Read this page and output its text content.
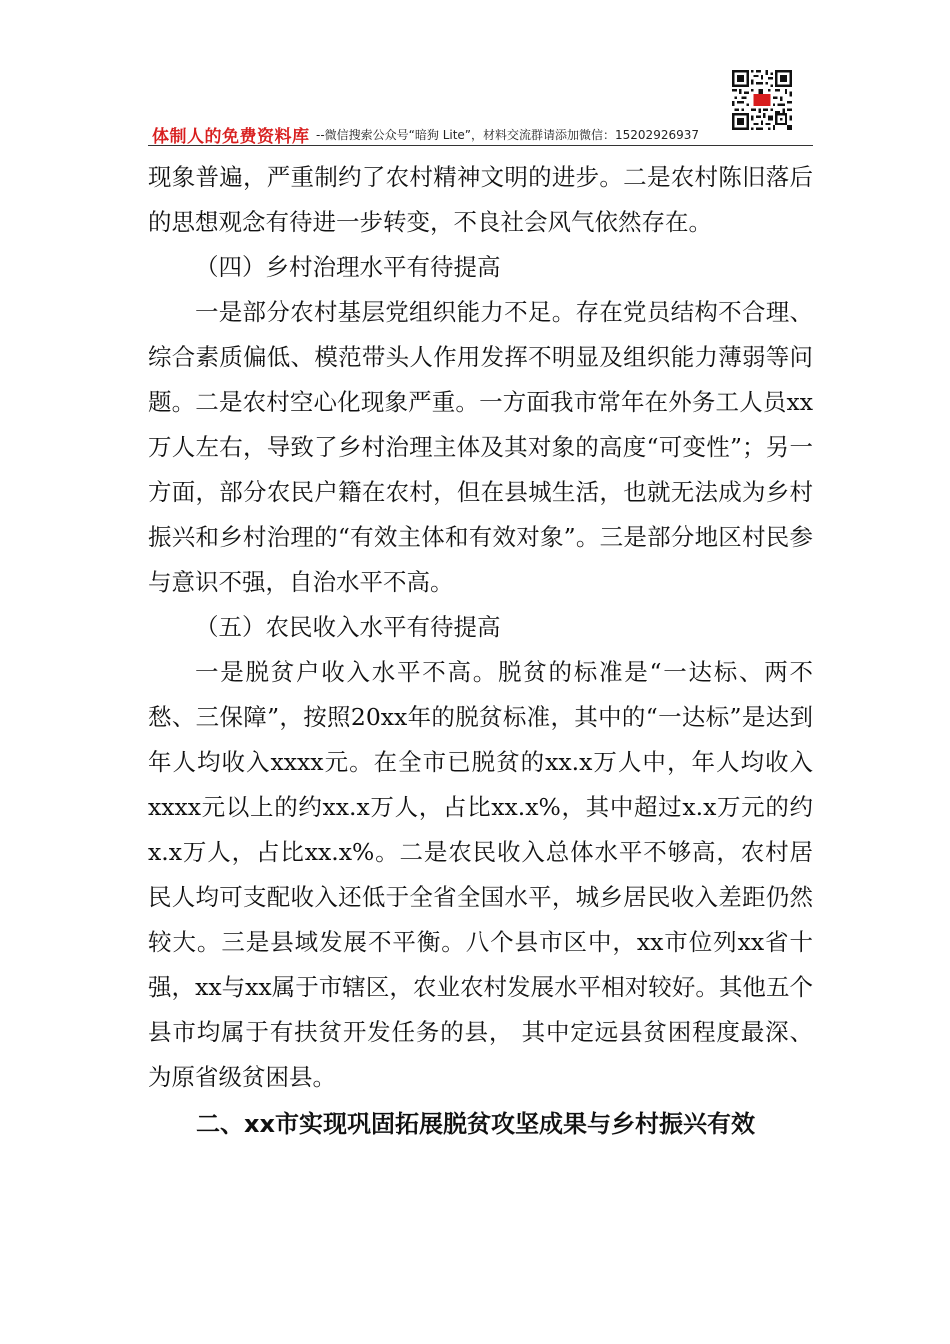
体制人的免费资料库 --微信搜索公众号“暗狗 Lite”，材料交流群请添加微信：15202926937

现象普遍，严重制约了农村精神文明的进步。二是农村陈旧落后的思想观念有待进一步转变，不良社会风气依然存在。

（四）乡村治理水平有待提高

一是部分农村基层党组织能力不足。存在党员结构不合理、综合素质偏低、模范带头人作用发挥不明显及组织能力薄弱等问题。二是农村空心化现象严重。一方面我市常年在外务工人员xx万人左右，导致了乡村治理主体及其对象的高度“可变性”；另一方面，部分农民户籍在农村，但在县城生活，也就无法成为乡村振兴和乡村治理的“有效主体和有效对象”。三是部分地区村民参与意识不强，自治水平不高。

（五）农民收入水平有待提高

一是脱贫户收入水平不高。脱贫的标准是“一达标、两不愁、三保障”，按照20xx年的脱贫标准，其中的“一达标”是达到年人均收入xxxx元。在全市已脱贫的xx.x万人中，年人均收入xxxx元以上的约xx.x万人，占比xx.x%，其中超过x.x万元的约x.x万人，占比xx.x%。二是农民收入总体水平不够高，农村居民人均可支配收入还低于全省全国水平，城乡居民收入差距仍然较大。三是县域发展不平衡。八个县市区中，xx市位列xx省十强，xx与xx属于市辖区，农业农村发展水平相对较好。其他五个县市均属于有扶贫开发任务的县， 其中定远县贫困程度最深、为原省级贫困县。

二、xx市实现巩固拓展脱贫攻坚成果与乡村振兴有效
